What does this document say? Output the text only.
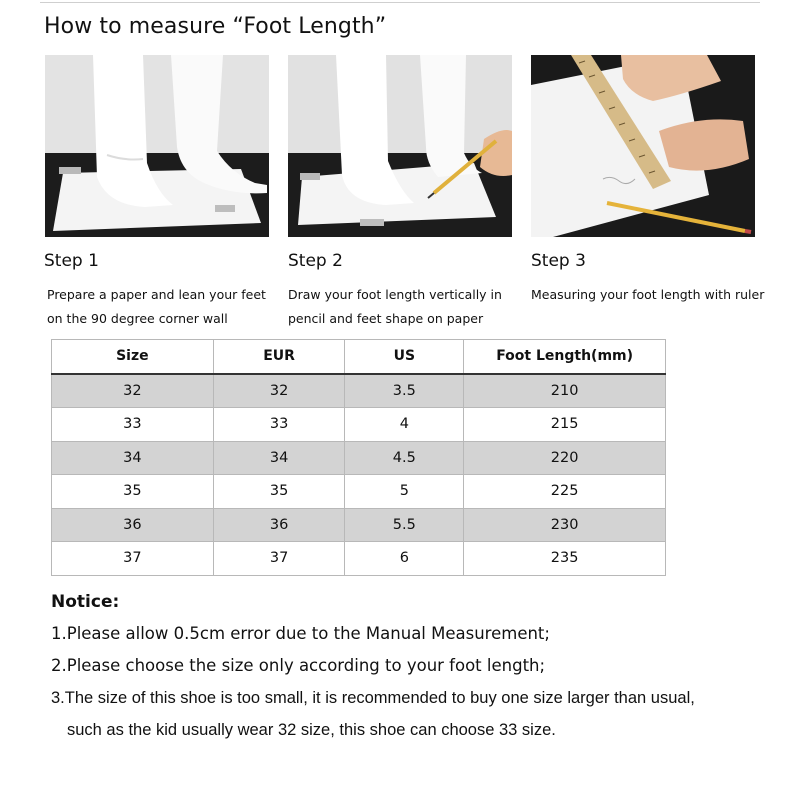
How to measure “Foot Length”
Step 1	Step 2	Step 3
Prepare a paper and lean your feet
on the 90 degree corner wall
Draw your foot length vertically in
pencil and feet shape on paper
Measuring your foot length with ruler
Size	EUR	US	Foot Length(mm)
32	32	3.5	210
33	33	4	215
34	34	4.5	220
35	35	5	225
36	36	5.5	230
37	37	6	235
Notice:
1.Please allow 0.5cm error due to the Manual Measurement;
2.Please choose the size only according to your foot length;
3.The size of this shoe is too small, it is recommended to buy one size larger than usual,
such as the kid usually wear 32 size, this shoe can choose 33 size.
